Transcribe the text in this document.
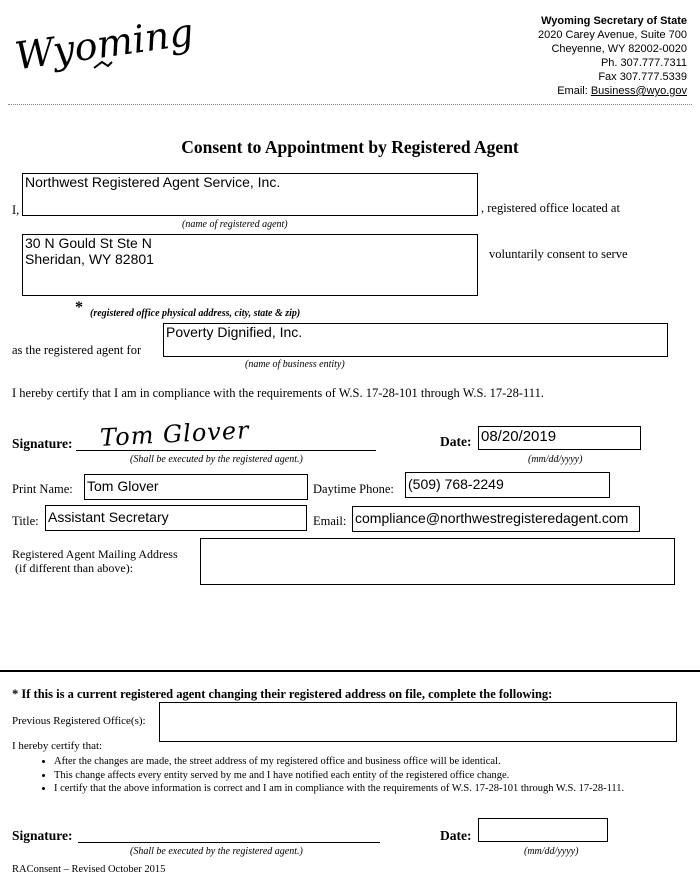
Wyoming	Wyoming Secretary of State
2020 Carey Avenue, Suite 700
Cheyenne, WY 82002-0020
Ph. 307.777.7311
Fax 307.777.5339
Email: Business@wyo.gov
Consent to Appointment by Registered Agent
I,
Northwest Registered Agent Service, Inc.
, registered office located at
(name of registered agent)
30 N Gould St Ste N
Sheridan, WY 82801	voluntarily consent to serve
* (registered office physical address, city, state & zip)
as the registered agent for
Poverty Dignified, Inc.
(name of business entity)
I hereby certify that I am in compliance with the requirements of W.S. 17-28-101 through W.S. 17-28-111.
Signature: Tom Glover
(Shall be executed by the registered agent.)
Date: 08/20/2019
(mm/dd/yyyy)
Print Name: Tom Glover	Daytime Phone: (509) 768-2249
Title: Assistant Secretary	Email: compliance@northwestregisteredagent.com
Registered Agent Mailing Address
(if different than above):
* If this is a current registered agent changing their registered address on file, complete the following:
Previous Registered Office(s):
I hereby certify that:
• After the changes are made, the street address of my registered office and business office will be identical.
• This change affects every entity served by me and I have notified each entity of the registered office change.
• I certify that the above information is correct and I am in compliance with the requirements of W.S. 17-28-101 through W.S. 17-28-111.
Signature:
(Shall be executed by the registered agent.)
Date:
(mm/dd/yyyy)
RAConsent – Revised October 2015
